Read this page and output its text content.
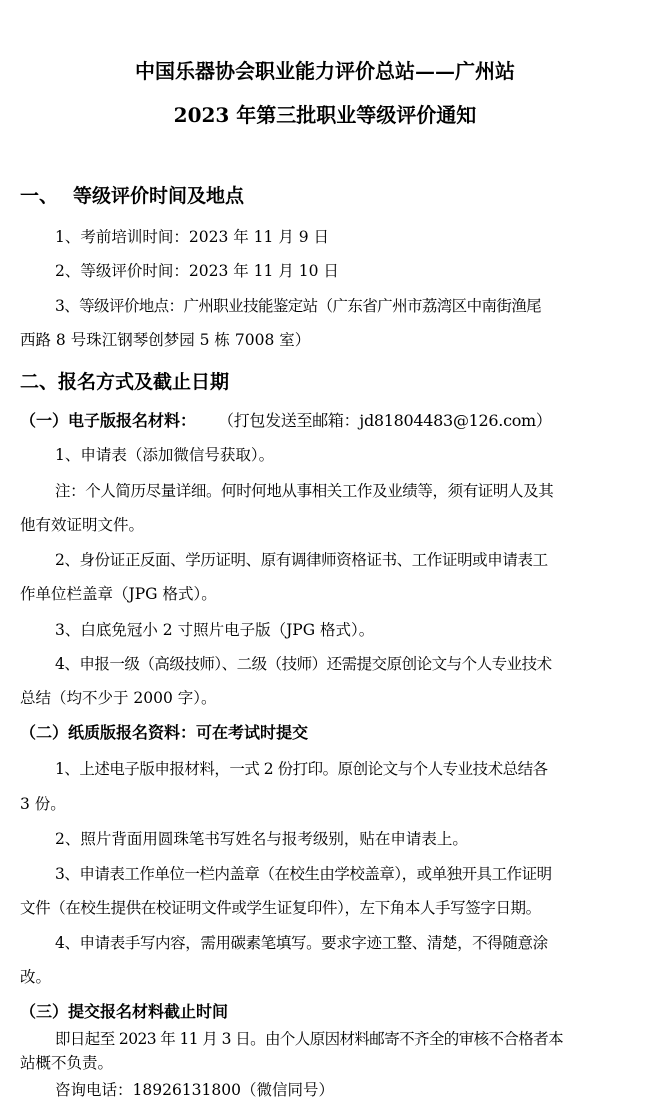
中国乐器协会职业能力评价总站——广州站
2023 年第三批职业等级评价通知
一、 等级评价时间及地点
1、考前培训时间：2023 年 11 月 9 日
2、等级评价时间：2023 年 11 月 10 日
3、等级评价地点：广州职业技能鉴定站（广东省广州市荔湾区中南街渔尾
西路 8 号珠江钢琴创梦园 5 栋 7008 室）
二、报名方式及截止日期
（一）电子版报名材料： （打包发送至邮箱：jd81804483@126.com）
1、申请表（添加微信号获取）。
注：个人简历尽量详细。何时何地从事相关工作及业绩等，须有证明人及其
他有效证明文件。
2、身份证正反面、学历证明、原有调律师资格证书、工作证明或申请表工
作单位栏盖章（JPG 格式）。
3、白底免冠小 2 寸照片电子版（JPG 格式）。
4、申报一级（高级技师）、二级（技师）还需提交原创论文与个人专业技术
总结（均不少于 2000 字）。
（二）纸质版报名资料：可在考试时提交
1、上述电子版申报材料，一式 2 份打印。原创论文与个人专业技术总结各
3 份。
2、照片背面用圆珠笔书写姓名与报考级别，贴在申请表上。
3、申请表工作单位一栏内盖章（在校生由学校盖章），或单独开具工作证明
文件（在校生提供在校证明文件或学生证复印件），左下角本人手写签字日期。
4、申请表手写内容，需用碳素笔填写。要求字迹工整、清楚，不得随意涂
改。
（三）提交报名材料截止时间
即日起至 2023 年 11 月 3 日。由个人原因材料邮寄不齐全的审核不合格者本
站概不负责。
咨询电话：18926131800（微信同号）
